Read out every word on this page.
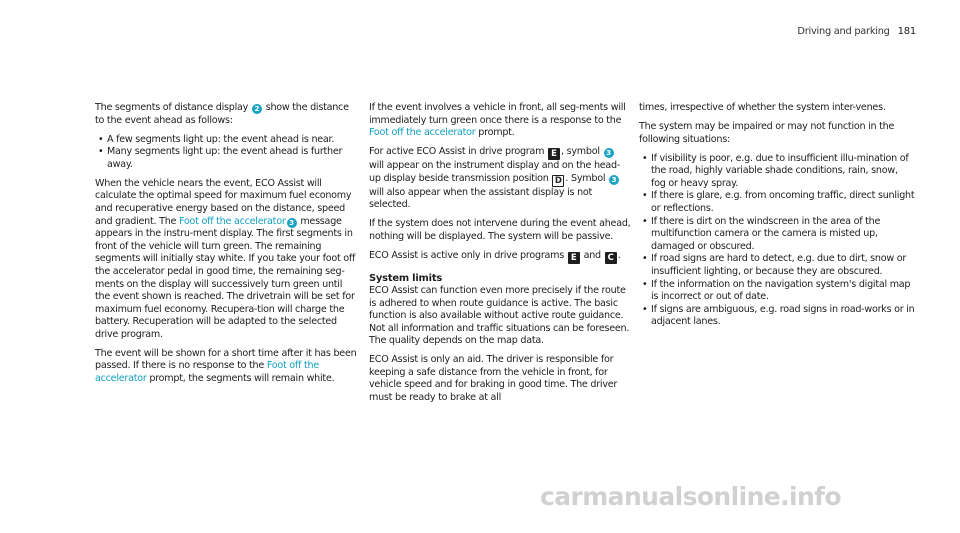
Driving and parking 181

The segments of distance display 2 show the distance to the event ahead as follows:

• A few segments light up: the event ahead is near.
• Many segments light up: the event ahead is further away.

When the vehicle nears the event, ECO Assist will calculate the optimal speed for maximum fuel economy and recuperative energy based on the distance, speed and gradient. The Foot off the accelerator 3 message appears in the instru-ment display. The first segments in front of the vehicle will turn green. The remaining segments will initially stay white. If you take your foot off the accelerator pedal in good time, the remaining seg-ments on the display will successively turn green until the event shown is reached. The drivetrain will be set for maximum fuel economy. Recupera-tion will charge the battery. Recuperation will be adapted to the selected drive program.

The event will be shown for a short time after it has been passed. If there is no response to the Foot off the accelerator prompt, the segments will remain white.

If the event involves a vehicle in front, all seg-ments will immediately turn green once there is a response to the Foot off the accelerator prompt.

For active ECO Assist in drive program E , symbol 3 will appear on the instrument display and on the head-up display beside transmission position D . Symbol 3 will also appear when the assistant display is not selected.

If the system does not intervene during the event ahead, nothing will be displayed. The system will be passive.

ECO Assist is active only in drive programs E and C .

System limits

ECO Assist can function even more precisely if the route is adhered to when route guidance is active. The basic function is also available without active route guidance. Not all information and traffic situations can be foreseen. The quality depends on the map data.

ECO Assist is only an aid. The driver is responsible for keeping a safe distance from the vehicle in front, for vehicle speed and for braking in good time. The driver must be ready to brake at all

times, irrespective of whether the system inter-venes.

The system may be impaired or may not function in the following situations:

• If visibility is poor, e.g. due to insufficient illu-mination of the road, highly variable shade conditions, rain, snow, fog or heavy spray.
• If there is glare, e.g. from oncoming traffic, direct sunlight or reflections.
• If there is dirt on the windscreen in the area of the multifunction camera or the camera is misted up, damaged or obscured.
• If road signs are hard to detect, e.g. due to dirt, snow or insufficient lighting, or because they are obscured.
• If the information on the navigation system's digital map is incorrect or out of date.
• If signs are ambiguous, e.g. road signs in road-works or in adjacent lanes.
carmanualsonline.info
